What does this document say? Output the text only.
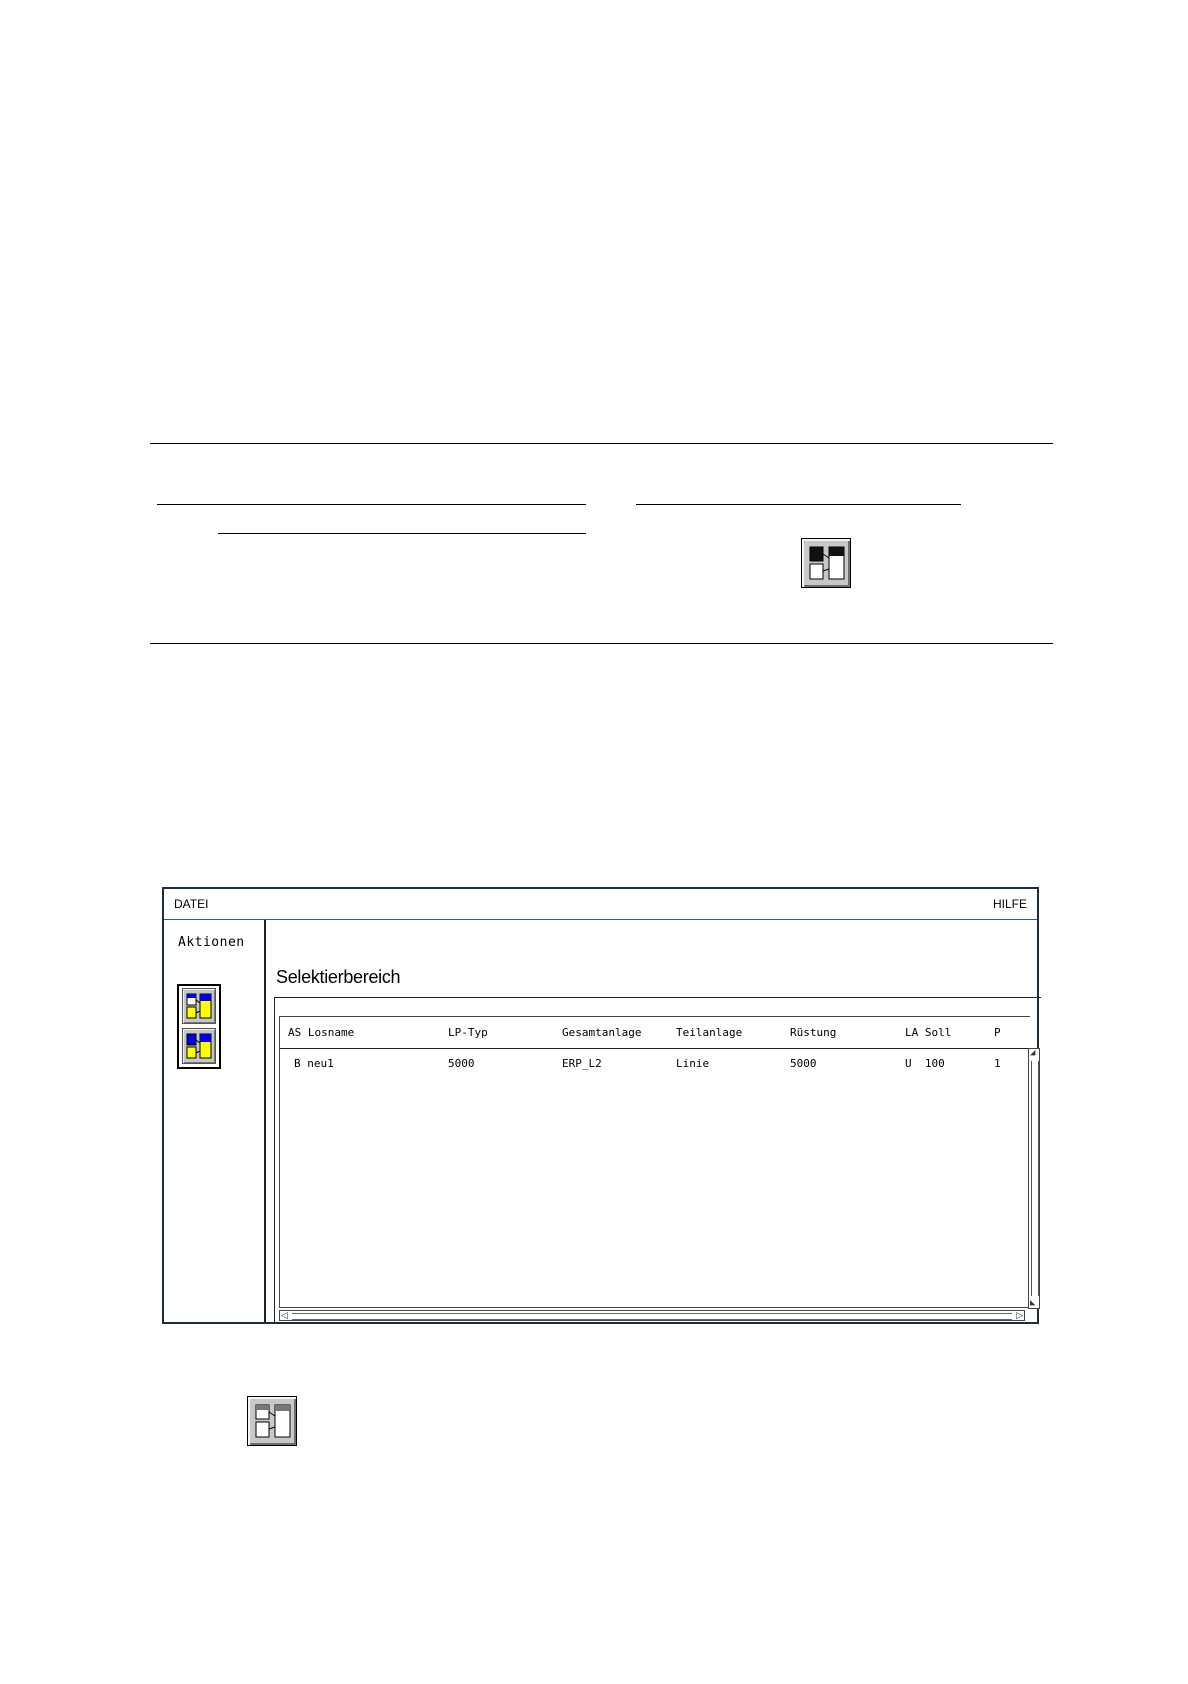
DATEI	HILFE
Aktionen
Selektierbereich
AS Losname	LP-Typ	Gesamtanlage	Teilanlage	Rüstung	LA Soll	P
B neu1	5000	ERP_L2	Linie	5000	U  100	1
◢
◣
◁	▷
